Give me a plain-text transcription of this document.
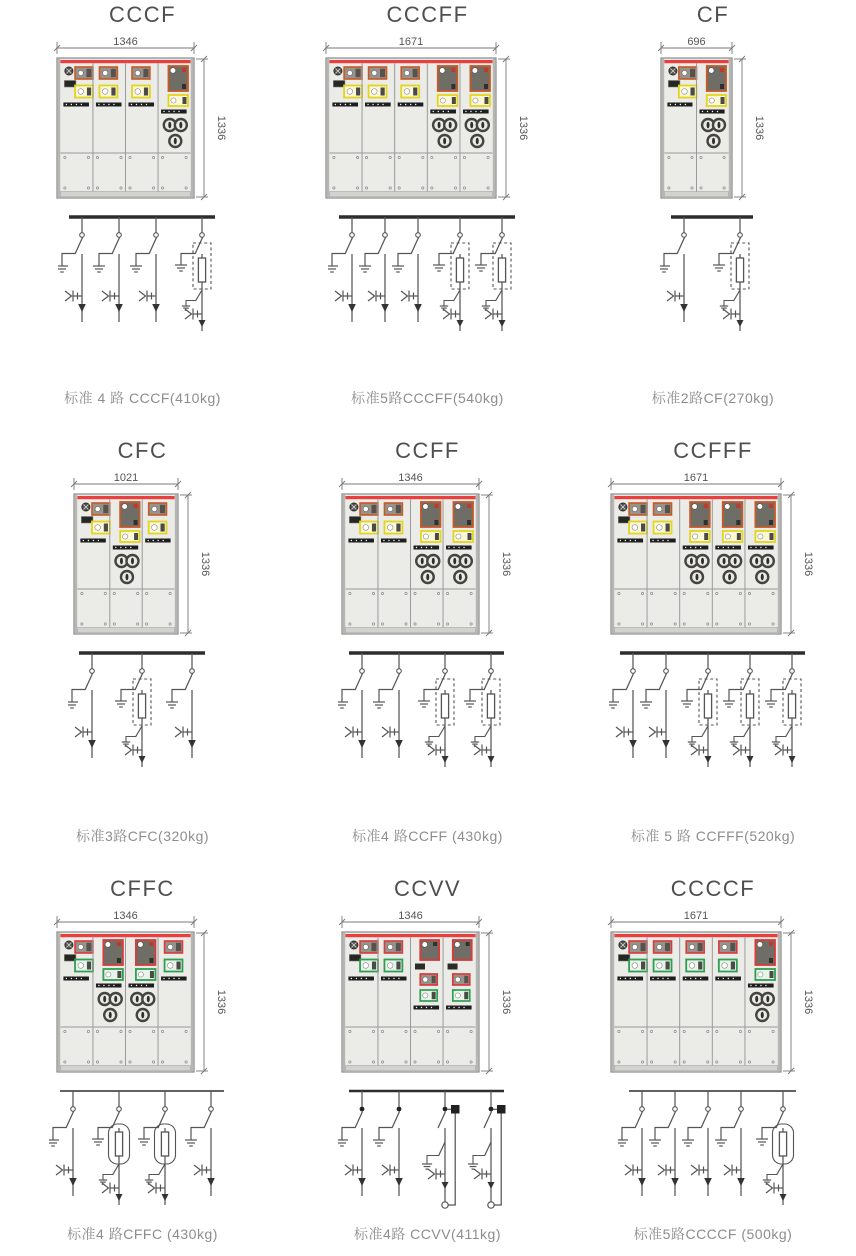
CCCF
1346
1336
标准 4 路 CCCF(410kg)
CCCFF
1671
1336
标准5路CCCFF(540kg)
CF
696
1336
标准2路CF(270kg)
CFC
1021
1336
标准3路CFC(320kg)
CCFF
1346
1336
标准4 路CCFF (430kg)
CCFFF
1671
1336
标准 5 路 CCFFF(520kg)
CFFC
1346
1336
标准4 路CFFC (430kg)
CCVV
1346
1336
标准4路 CCVV(411kg)
CCCCF
1671
1336
标准5路CCCCF (500kg)
